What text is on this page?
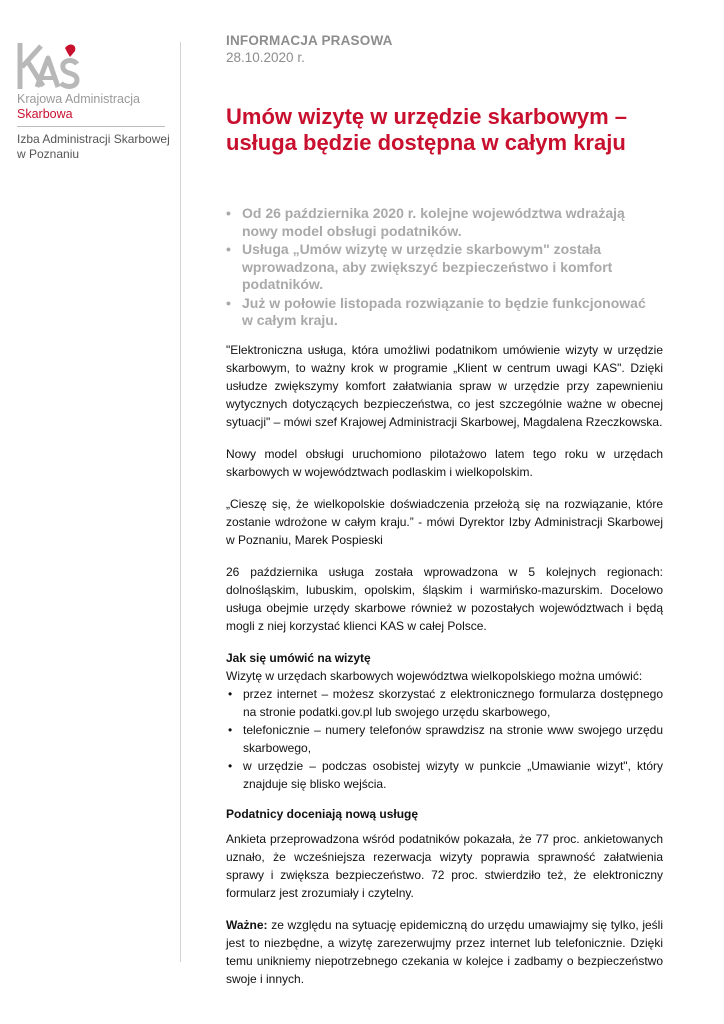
Krajowa Administracja
Skarbowa
Izba Administracji Skarbowej
w Poznaniu
INFORMACJA PRASOWA
28.10.2020 r.
Umów wizytę w urzędzie skarbowym – usługa będzie dostępna w całym kraju
• Od 26 października 2020 r. kolejne województwa wdrażają nowy model obsługi podatników.
• Usługa „Umów wizytę w urzędzie skarbowym" została wprowadzona, aby zwiększyć bezpieczeństwo i komfort podatników.
• Już w połowie listopada rozwiązanie to będzie funkcjonować w całym kraju.

"Elektroniczna usługa, która umożliwi podatnikom umówienie wizyty w urzędzie skarbowym, to ważny krok w programie „Klient w centrum uwagi KAS". Dzięki usłudze zwiększymy komfort załatwiania spraw w urzędzie przy zapewnieniu wytycznych dotyczących bezpieczeństwa, co jest szczególnie ważne w obecnej sytuacji" – mówi szef Krajowej Administracji Skarbowej, Magdalena Rzeczkowska.

Nowy model obsługi uruchomiono pilotażowo latem tego roku w urzędach skarbowych w województwach podlaskim i wielkopolskim.

„Cieszę się, że wielkopolskie doświadczenia przełożą się na rozwiązanie, które zostanie wdrożone w całym kraju.” - mówi Dyrektor Izby Administracji Skarbowej w Poznaniu, Marek Pospieski

26 października usługa została wprowadzona w 5 kolejnych regionach: dolnośląskim, lubuskim, opolskim, śląskim i warmińsko-mazurskim. Docelowo usługa obejmie urzędy skarbowe również w pozostałych województwach i będą mogli z niej korzystać klienci KAS w całej Polsce.

Jak się umówić na wizytę

Wizytę w urzędach skarbowych województwa wielkopolskiego można umówić:

• przez internet – możesz skorzystać z elektronicznego formularza dostępnego na stronie podatki.gov.pl lub swojego urzędu skarbowego,
• telefonicznie – numery telefonów sprawdzisz na stronie www swojego urzędu skarbowego,
• w urzędzie – podczas osobistej wizyty w punkcie „Umawianie wizyt", który znajduje się blisko wejścia.
Podatnicy doceniają nową usługę

Ankieta przeprowadzona wśród podatników pokazała, że 77 proc. ankietowanych uznało, że wcześniejsza rezerwacja wizyty poprawia sprawność załatwienia sprawy i zwiększa bezpieczeństwo. 72 proc. stwierdziło też, że elektroniczny formularz jest zrozumiały i czytelny.

Ważne: ze względu na sytuację epidemiczną do urzędu umawiajmy się tylko, jeśli jest to niezbędne, a wizytę zarezerwujmy przez internet lub telefonicznie. Dzięki temu unikniemy niepotrzebnego czekania w kolejce i zadbamy o bezpieczeństwo swoje i innych.
